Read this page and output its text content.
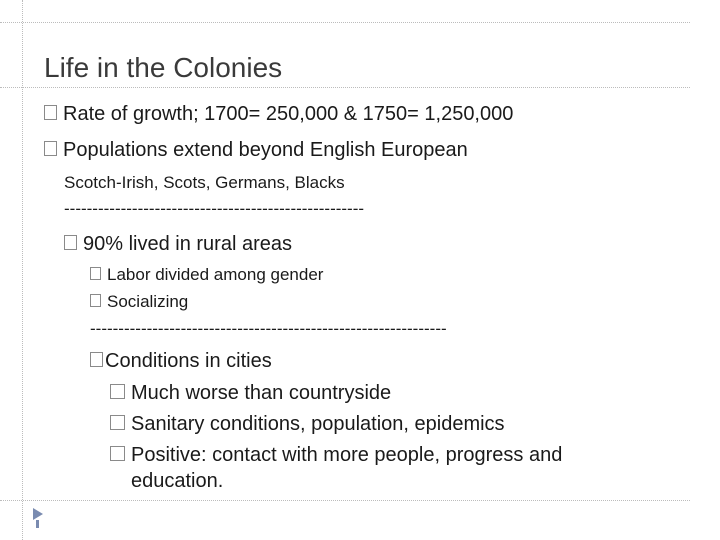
Life in the Colonies
Rate of growth; 1700= 250,000 & 1750= 1,250,000
Populations extend beyond English European
Scotch-Irish, Scots, Germans, Blacks
-----------------------------------------------------
90% lived in rural areas
Labor divided among gender
Socializing
---------------------------------------------------------------
Conditions in cities
Much worse than countryside
Sanitary conditions, population, epidemics
Positive: contact with more people, progress and
education.
